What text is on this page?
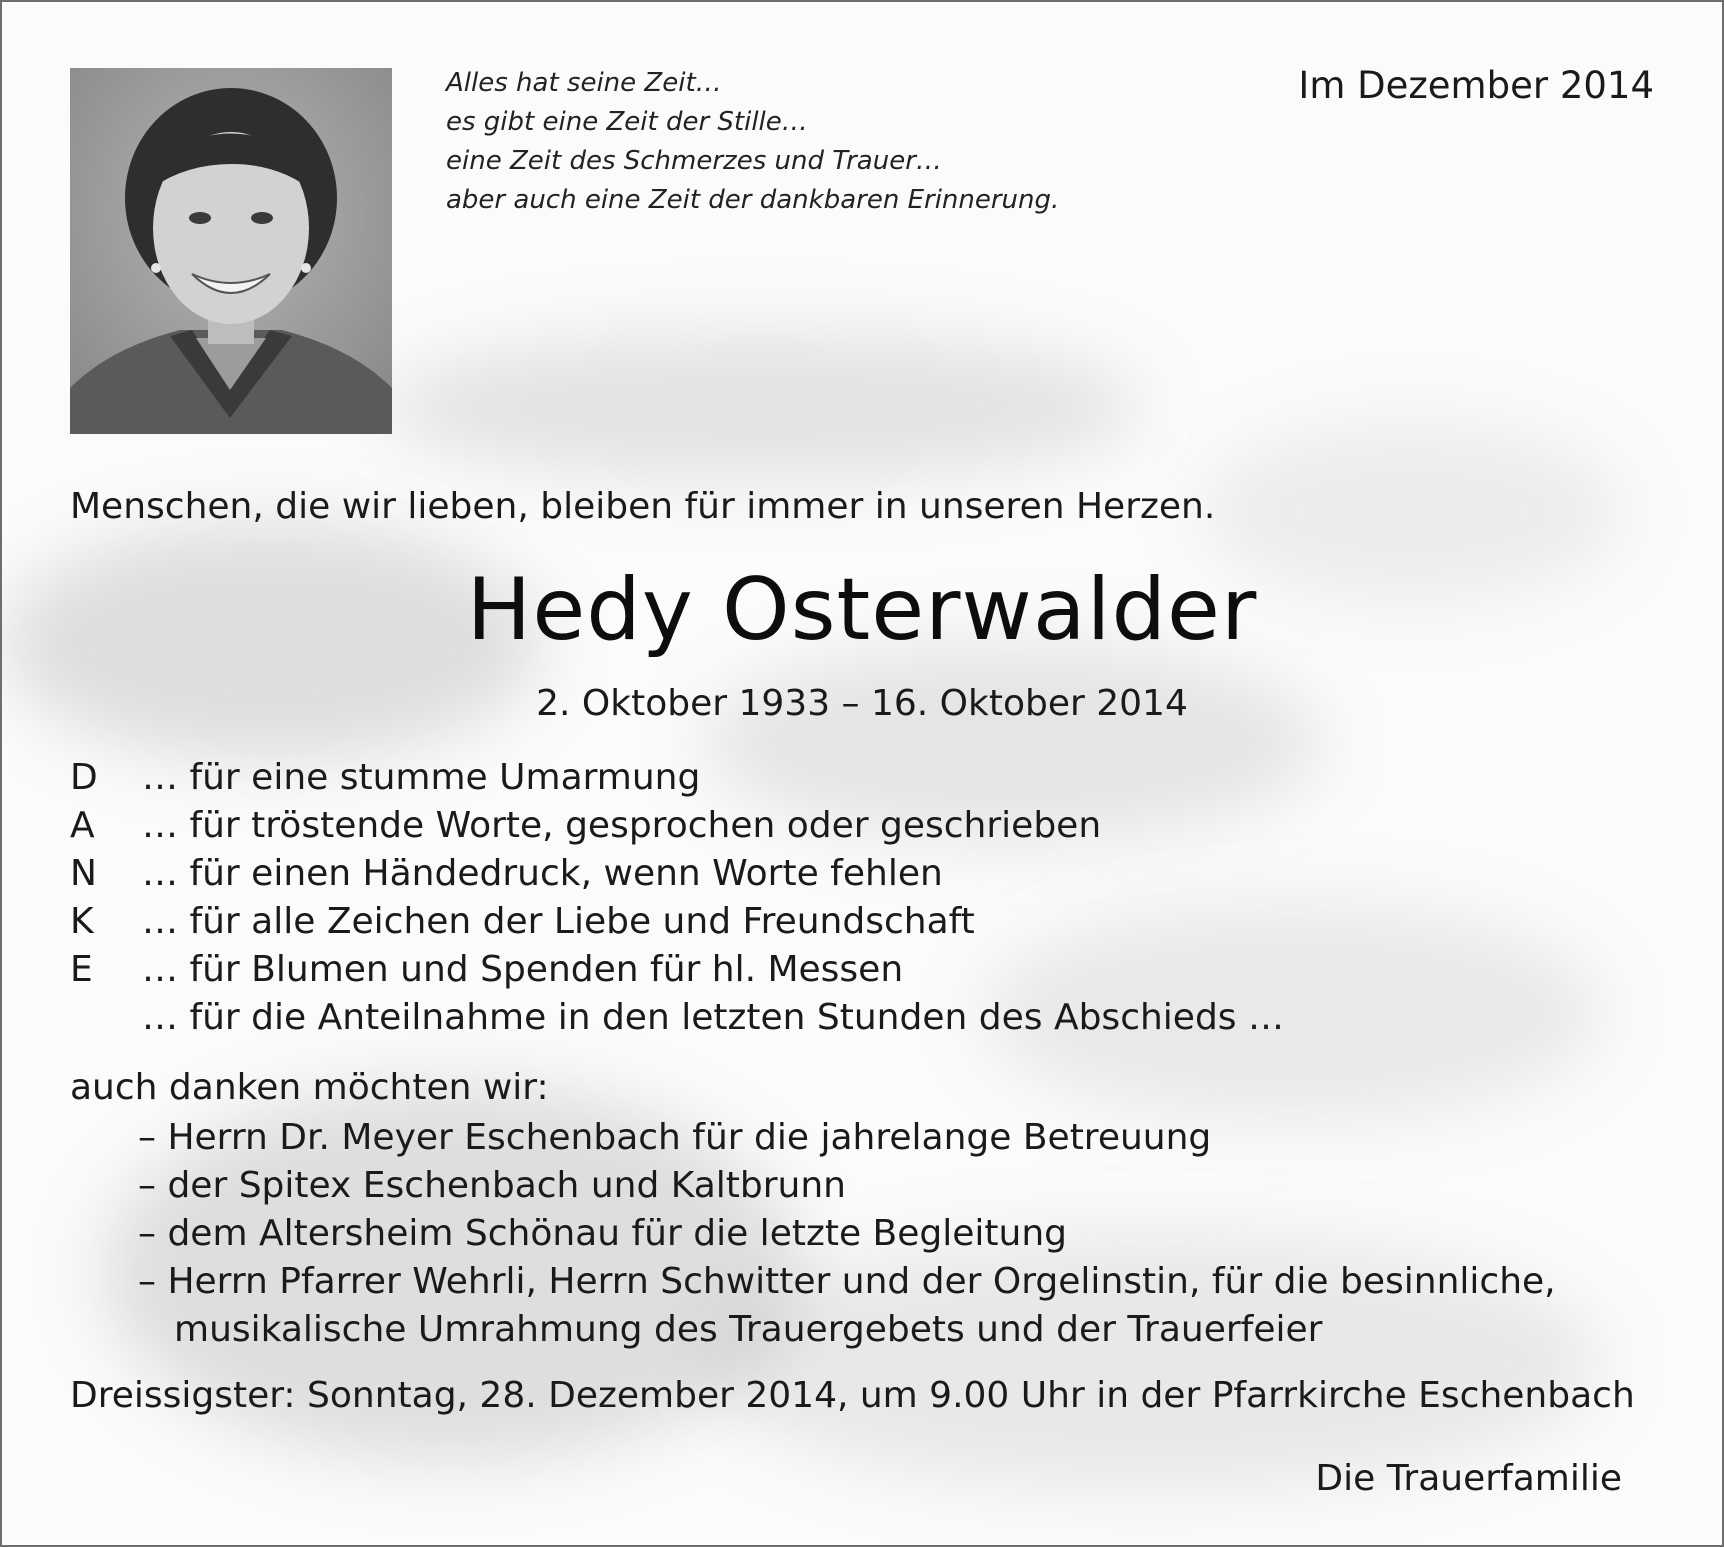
Alles hat seine Zeit…
es gibt eine Zeit der Stille…
eine Zeit des Schmerzes und Trauer…
aber auch eine Zeit der dankbaren Erinnerung.
Im Dezember 2014
Menschen, die wir lieben, bleiben für immer in unseren Herzen.
Hedy Osterwalder
2. Oktober 1933 – 16. Oktober 2014
D	… für eine stumme Umarmung
A	… für tröstende Worte, gesprochen oder geschrieben
N	… für einen Händedruck, wenn Worte fehlen
K	… für alle Zeichen der Liebe und Freundschaft
E	… für Blumen und Spenden für hl. Messen
… für die Anteilnahme in den letzten Stunden des Abschieds …
auch danken möchten wir:
– Herrn Dr. Meyer Eschenbach für die jahrelange Betreuung
– der Spitex Eschenbach und Kaltbrunn
– dem Altersheim Schönau für die letzte Begleitung
– Herrn Pfarrer Wehrli, Herrn Schwitter und der Orgelinstin, für die besinnliche,
musikalische Umrahmung des Trauergebets und der Trauerfeier
Dreissigster: Sonntag, 28. Dezember 2014, um 9.00 Uhr in der Pfarrkirche Eschenbach
Die Trauerfamilie
